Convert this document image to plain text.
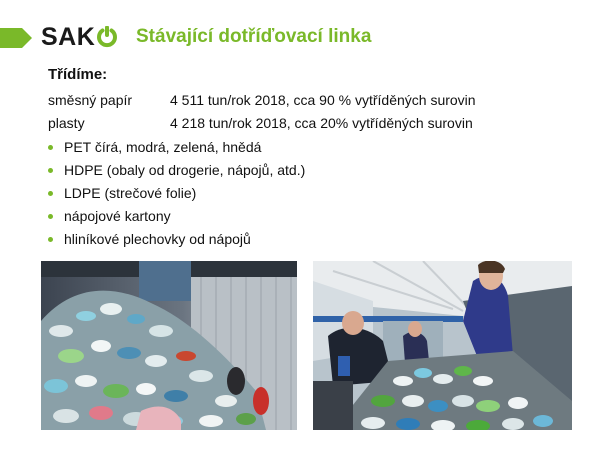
SAK Stávající dotříďovací linka
Třídíme:
směsný papír	4 511 tun/rok 2018, cca 90 % vytříděných surovin
plasty	4 218 tun/rok 2018, cca 20% vytříděných surovin
PET čírá, modrá, zelená, hnědá
HDPE (obaly od drogerie, nápojů, atd.)
LDPE (strečové folie)
nápojové kartony
hliníkové plechovky od nápojů
